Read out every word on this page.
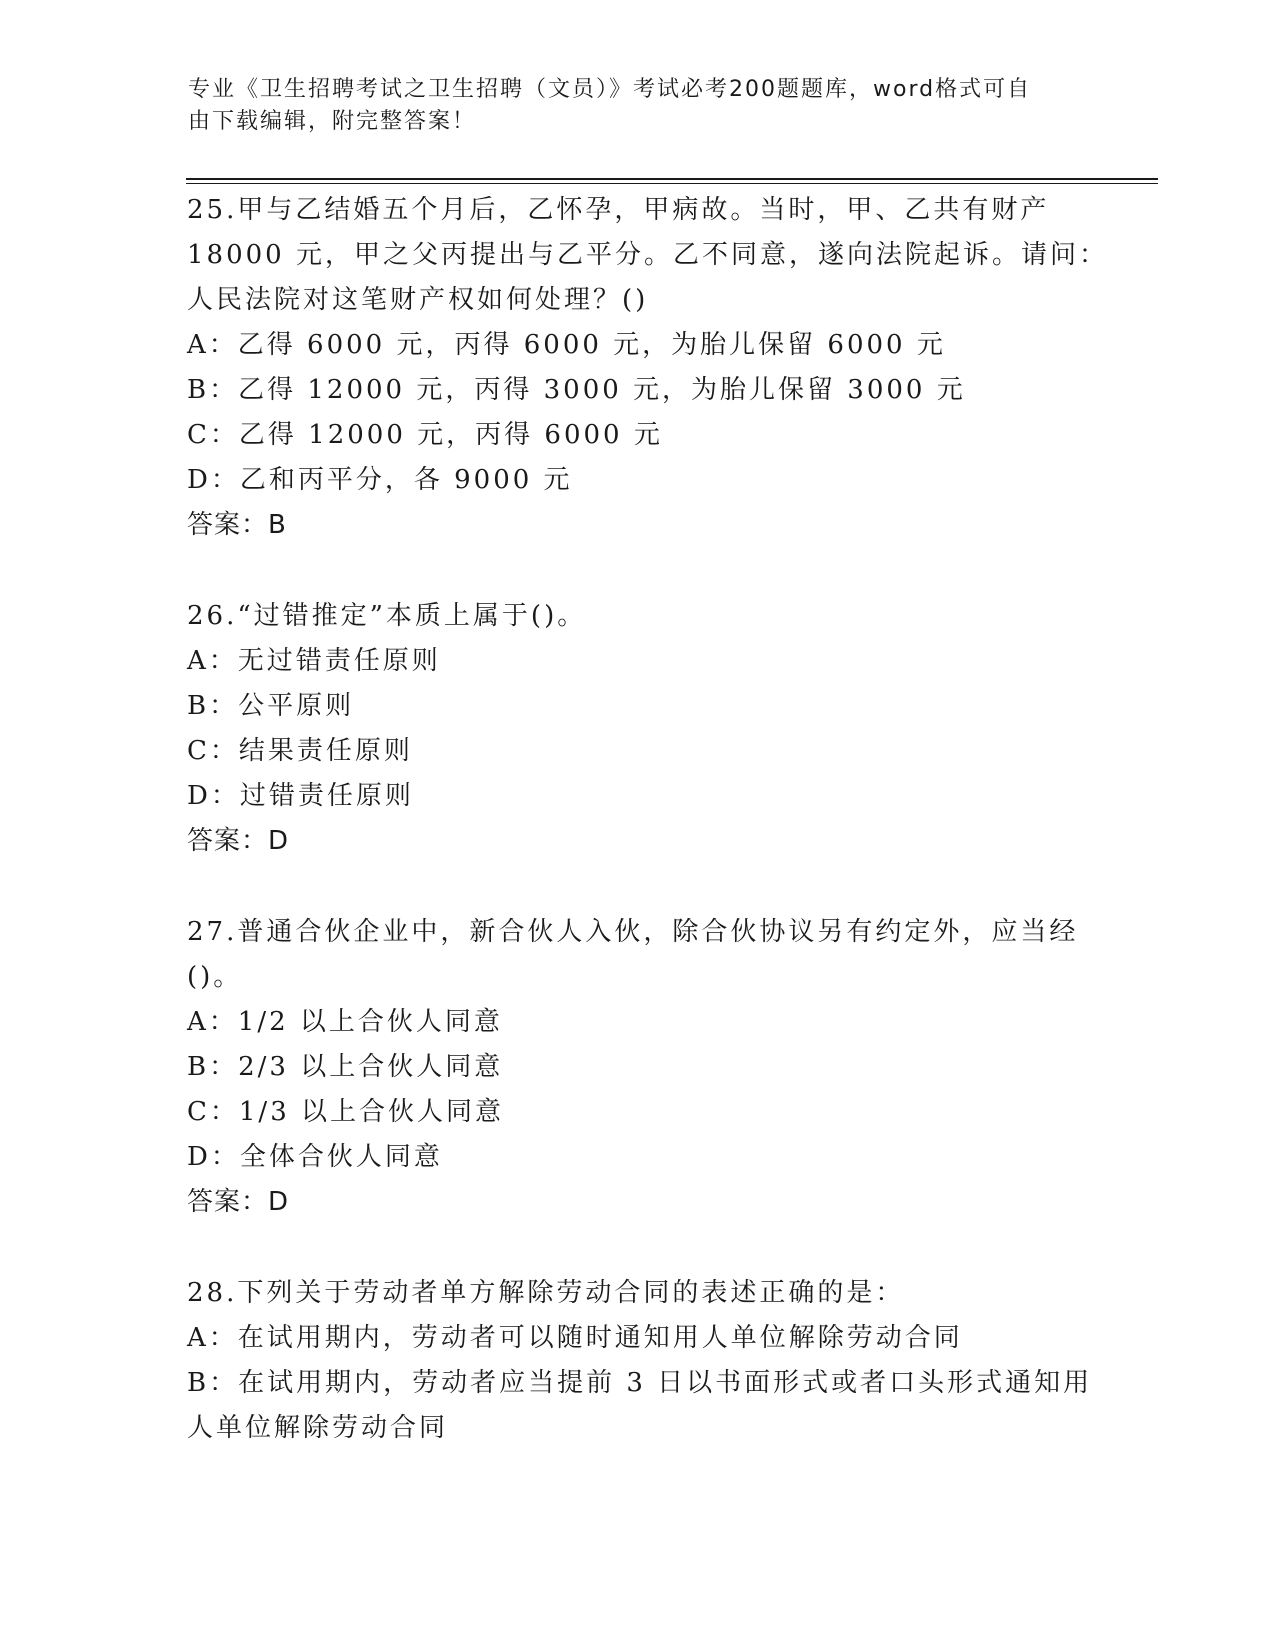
专业《卫生招聘考试之卫生招聘（文员）》考试必考200题题库，word格式可自
由下载编辑，附完整答案！
25.甲与乙结婚五个月后，乙怀孕，甲病故。当时，甲、乙共有财产
18000 元，甲之父丙提出与乙平分。乙不同意，遂向法院起诉。请问：
人民法院对这笔财产权如何处理？()
A：乙得 6000 元，丙得 6000 元，为胎儿保留 6000 元
B：乙得 12000 元，丙得 3000 元，为胎儿保留 3000 元
C：乙得 12000 元，丙得 6000 元
D：乙和丙平分，各 9000 元
答案：B
26.“过错推定”本质上属于()。
A：无过错责任原则
B：公平原则
C：结果责任原则
D：过错责任原则
答案：D
27.普通合伙企业中，新合伙人入伙，除合伙协议另有约定外，应当经
()。
A：1/2 以上合伙人同意
B：2/3 以上合伙人同意
C：1/3 以上合伙人同意
D：全体合伙人同意
答案：D
28.下列关于劳动者单方解除劳动合同的表述正确的是：
A：在试用期内，劳动者可以随时通知用人单位解除劳动合同
B：在试用期内，劳动者应当提前 3 日以书面形式或者口头形式通知用
人单位解除劳动合同
